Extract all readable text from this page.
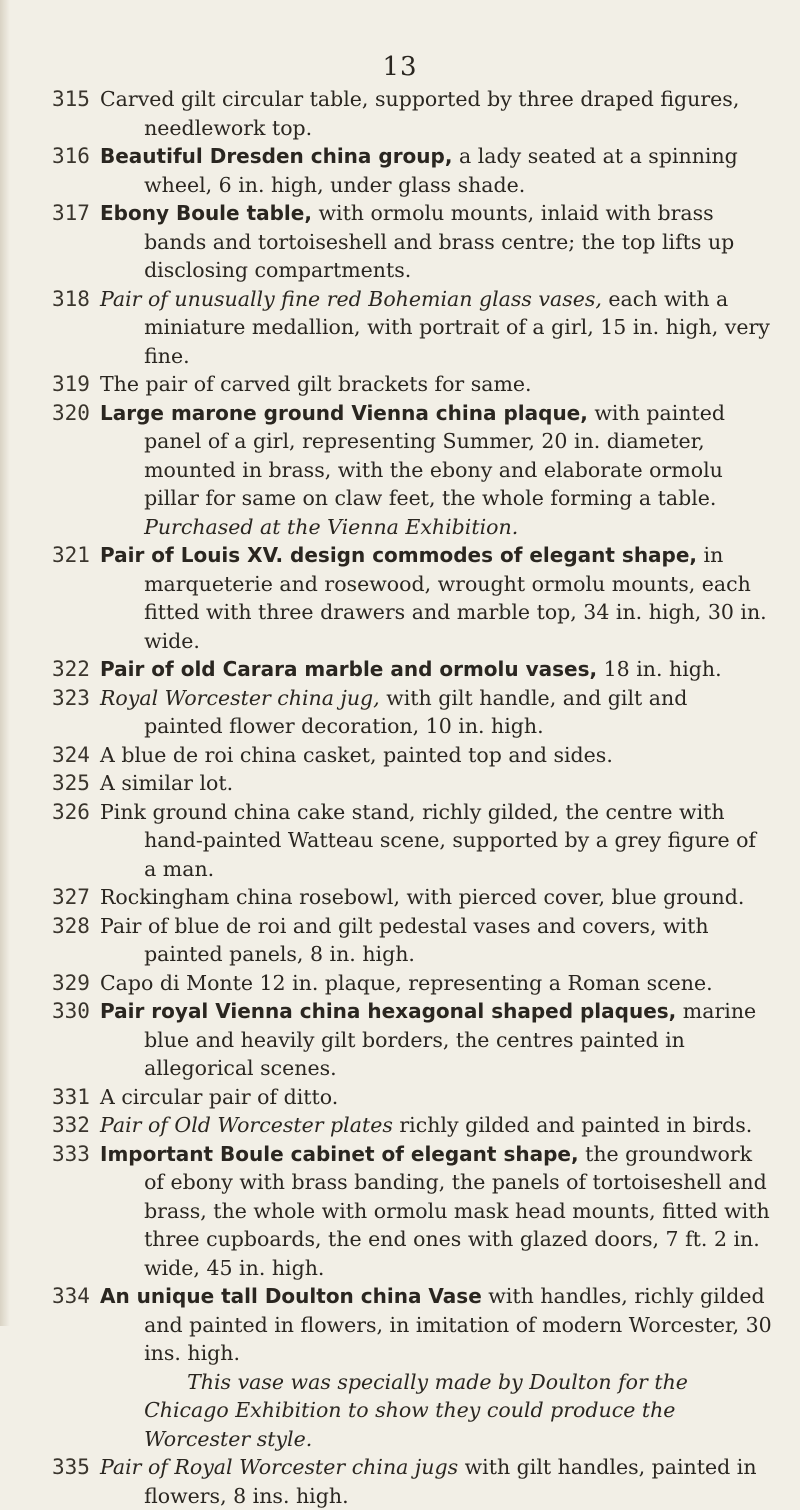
13
315 Carved gilt circular table, supported by three draped figures, needlework top.
316 Beautiful Dresden china group, a lady seated at a spinning wheel, 6 in. high, under glass shade.
317 Ebony Boule table, with ormolu mounts, inlaid with brass bands and tortoiseshell and brass centre; the top lifts up disclosing compartments.
318 Pair of unusually fine red Bohemian glass vases, each with a miniature medallion, with portrait of a girl, 15 in. high, very fine.
319 The pair of carved gilt brackets for same.
320 Large marone ground Vienna china plaque, with painted panel of a girl, representing Summer, 20 in. diameter, mounted in brass, with the ebony and elaborate ormolu pillar for same on claw feet, the whole forming a table. Purchased at the Vienna Exhibition.
321 Pair of Louis XV. design commodes of elegant shape, in marqueterie and rosewood, wrought ormolu mounts, each fitted with three drawers and marble top, 34 in. high, 30 in. wide.
322 Pair of old Carara marble and ormolu vases, 18 in. high.
323 Royal Worcester china jug, with gilt handle, and gilt and painted flower decoration, 10 in. high.
324 A blue de roi china casket, painted top and sides.
325 A similar lot.
326 Pink ground china cake stand, richly gilded, the centre with hand-painted Watteau scene, supported by a grey figure of a man.
327 Rockingham china rosebowl, with pierced cover, blue ground.
328 Pair of blue de roi and gilt pedestal vases and covers, with painted panels, 8 in. high.
329 Capo di Monte 12 in. plaque, representing a Roman scene.
330 Pair royal Vienna china hexagonal shaped plaques, marine blue and heavily gilt borders, the centres painted in allegorical scenes.
331 A circular pair of ditto.
332 Pair of Old Worcester plates richly gilded and painted in birds.
333 Important Boule cabinet of elegant shape, the groundwork of ebony with brass banding, the panels of tortoiseshell and brass, the whole with ormolu mask head mounts, fitted with three cupboards, the end ones with glazed doors, 7 ft. 2 in. wide, 45 in. high.
334 An unique tall Doulton china Vase with handles, richly gilded and painted in flowers, in imitation of modern Worcester, 30 ins. high.
This vase was specially made by Doulton for the Chicago Exhibition to show they could produce the Worcester style.
335 Pair of Royal Worcester china jugs with gilt handles, painted in flowers, 8 ins. high.
